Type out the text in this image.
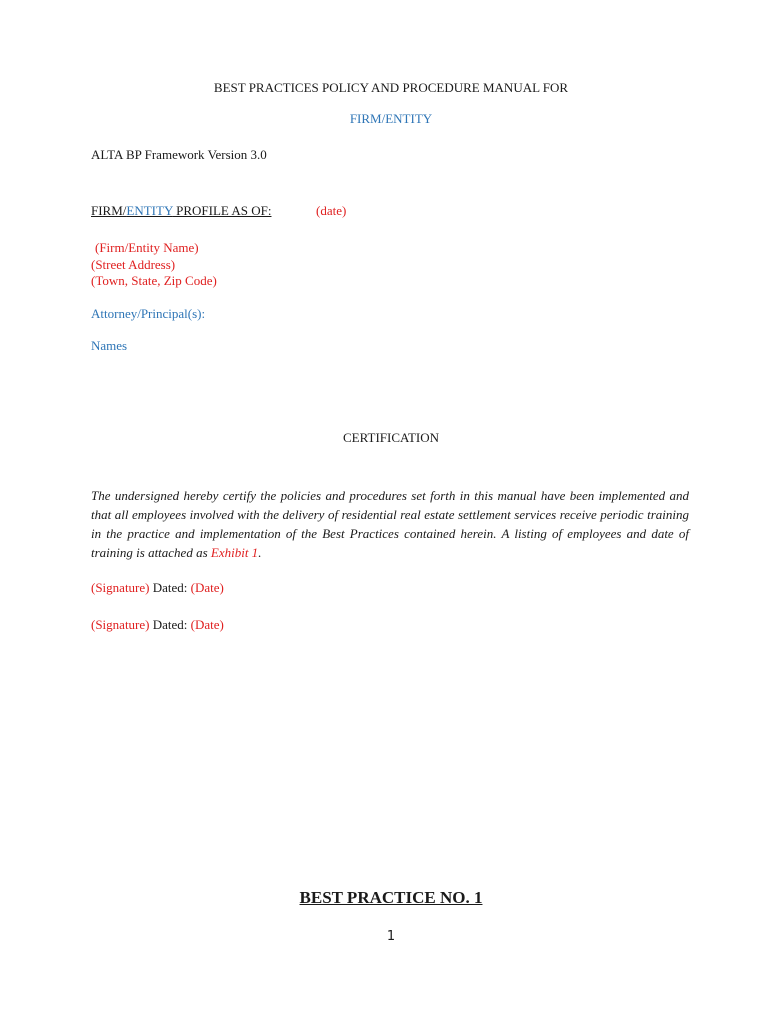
BEST PRACTICES POLICY AND PROCEDURE MANUAL FOR
FIRM/ENTITY
ALTA BP Framework Version 3.0
FIRM/ENTITY PROFILE AS OF:	(date)
(Firm/Entity Name)
(Street Address)
(Town, State, Zip Code)
Attorney/Principal(s):
Names
CERTIFICATION
The undersigned hereby certify the policies and procedures set forth in this manual have been implemented and that all employees involved with the delivery of residential real estate settlement services receive periodic training in the practice and implementation of the Best Practices contained herein. A listing of employees and date of training is attached as Exhibit 1.
(Signature) Dated: (Date)
(Signature) Dated: (Date)
BEST PRACTICE NO. 1
1
